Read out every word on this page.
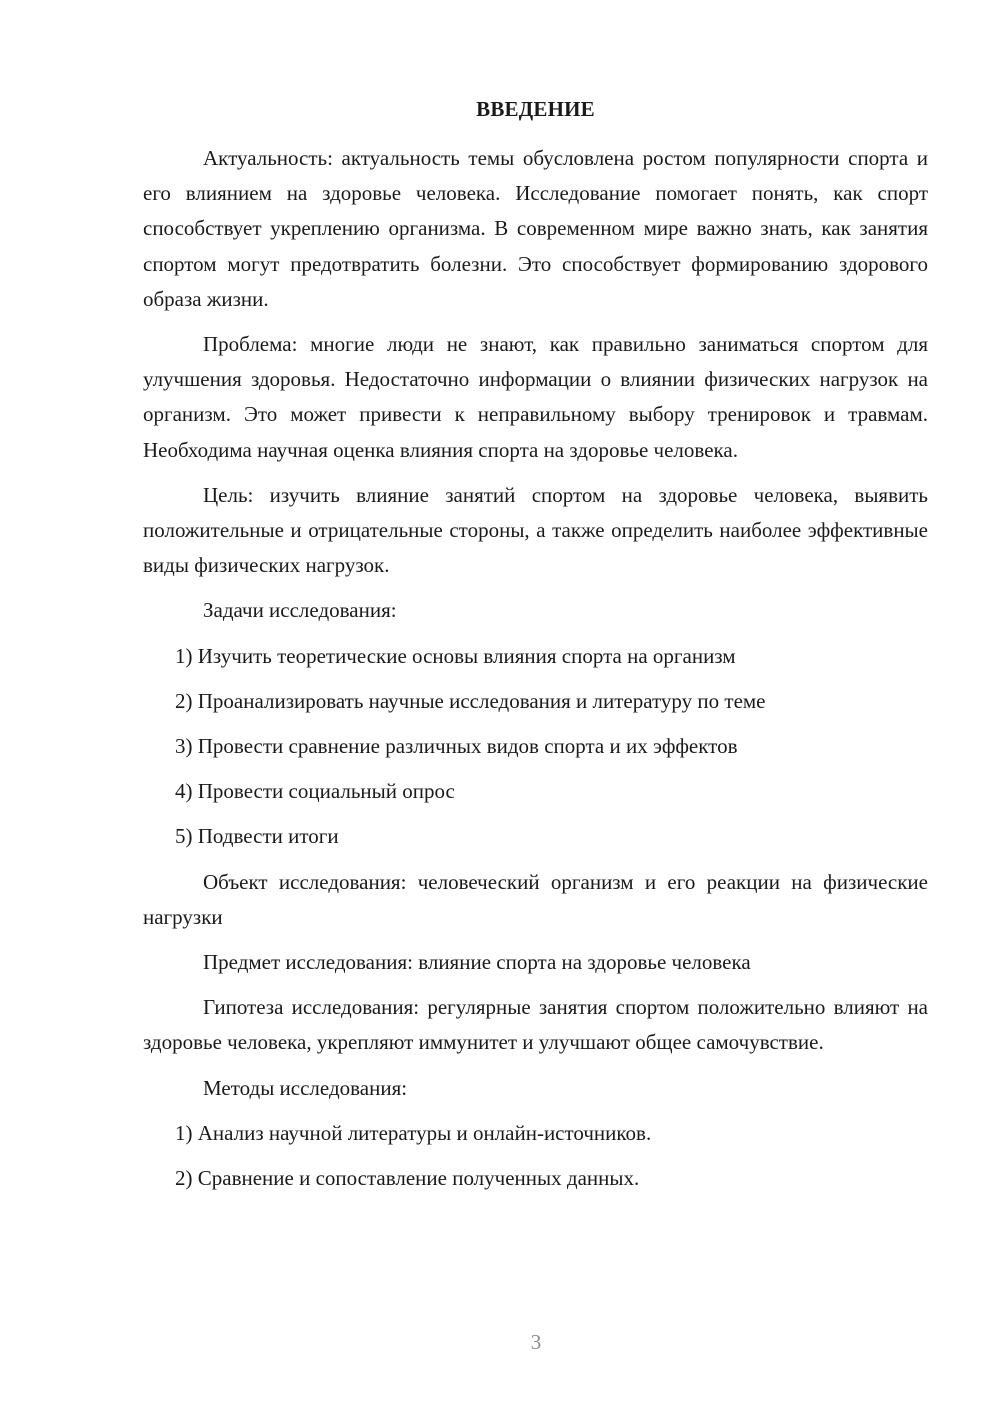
ВВЕДЕНИЕ

Актуальность: актуальность темы обусловлена ростом популярности спорта и его влиянием на здоровье человека. Исследование помогает понять, как спорт способствует укреплению организма. В современном мире важно знать, как занятия спортом могут предотвратить болезни. Это способствует формированию здорового образа жизни.

Проблема: многие люди не знают, как правильно заниматься спортом для улучшения здоровья. Недостаточно информации о влиянии физических нагрузок на организм. Это может привести к неправильному выбору тренировок и травмам. Необходима научная оценка влияния спорта на здоровье человека.

Цель: изучить влияние занятий спортом на здоровье человека, выявить положительные и отрицательные стороны, а также определить наиболее эффективные виды физических нагрузок.

Задачи исследования:

1) Изучить теоретические основы влияния спорта на организм
2) Проанализировать научные исследования и литературу по теме
3) Провести сравнение различных видов спорта и их эффектов
4) Провести социальный опрос
5) Подвести итоги

Объект исследования: человеческий организм и его реакции на физические нагрузки

Предмет исследования: влияние спорта на здоровье человека

Гипотеза исследования: регулярные занятия спортом положительно влияют на здоровье человека, укрепляют иммунитет и улучшают общее самочувствие.

Методы исследования:

1) Анализ научной литературы и онлайн-источников.
2) Сравнение и сопоставление полученных данных.
3
